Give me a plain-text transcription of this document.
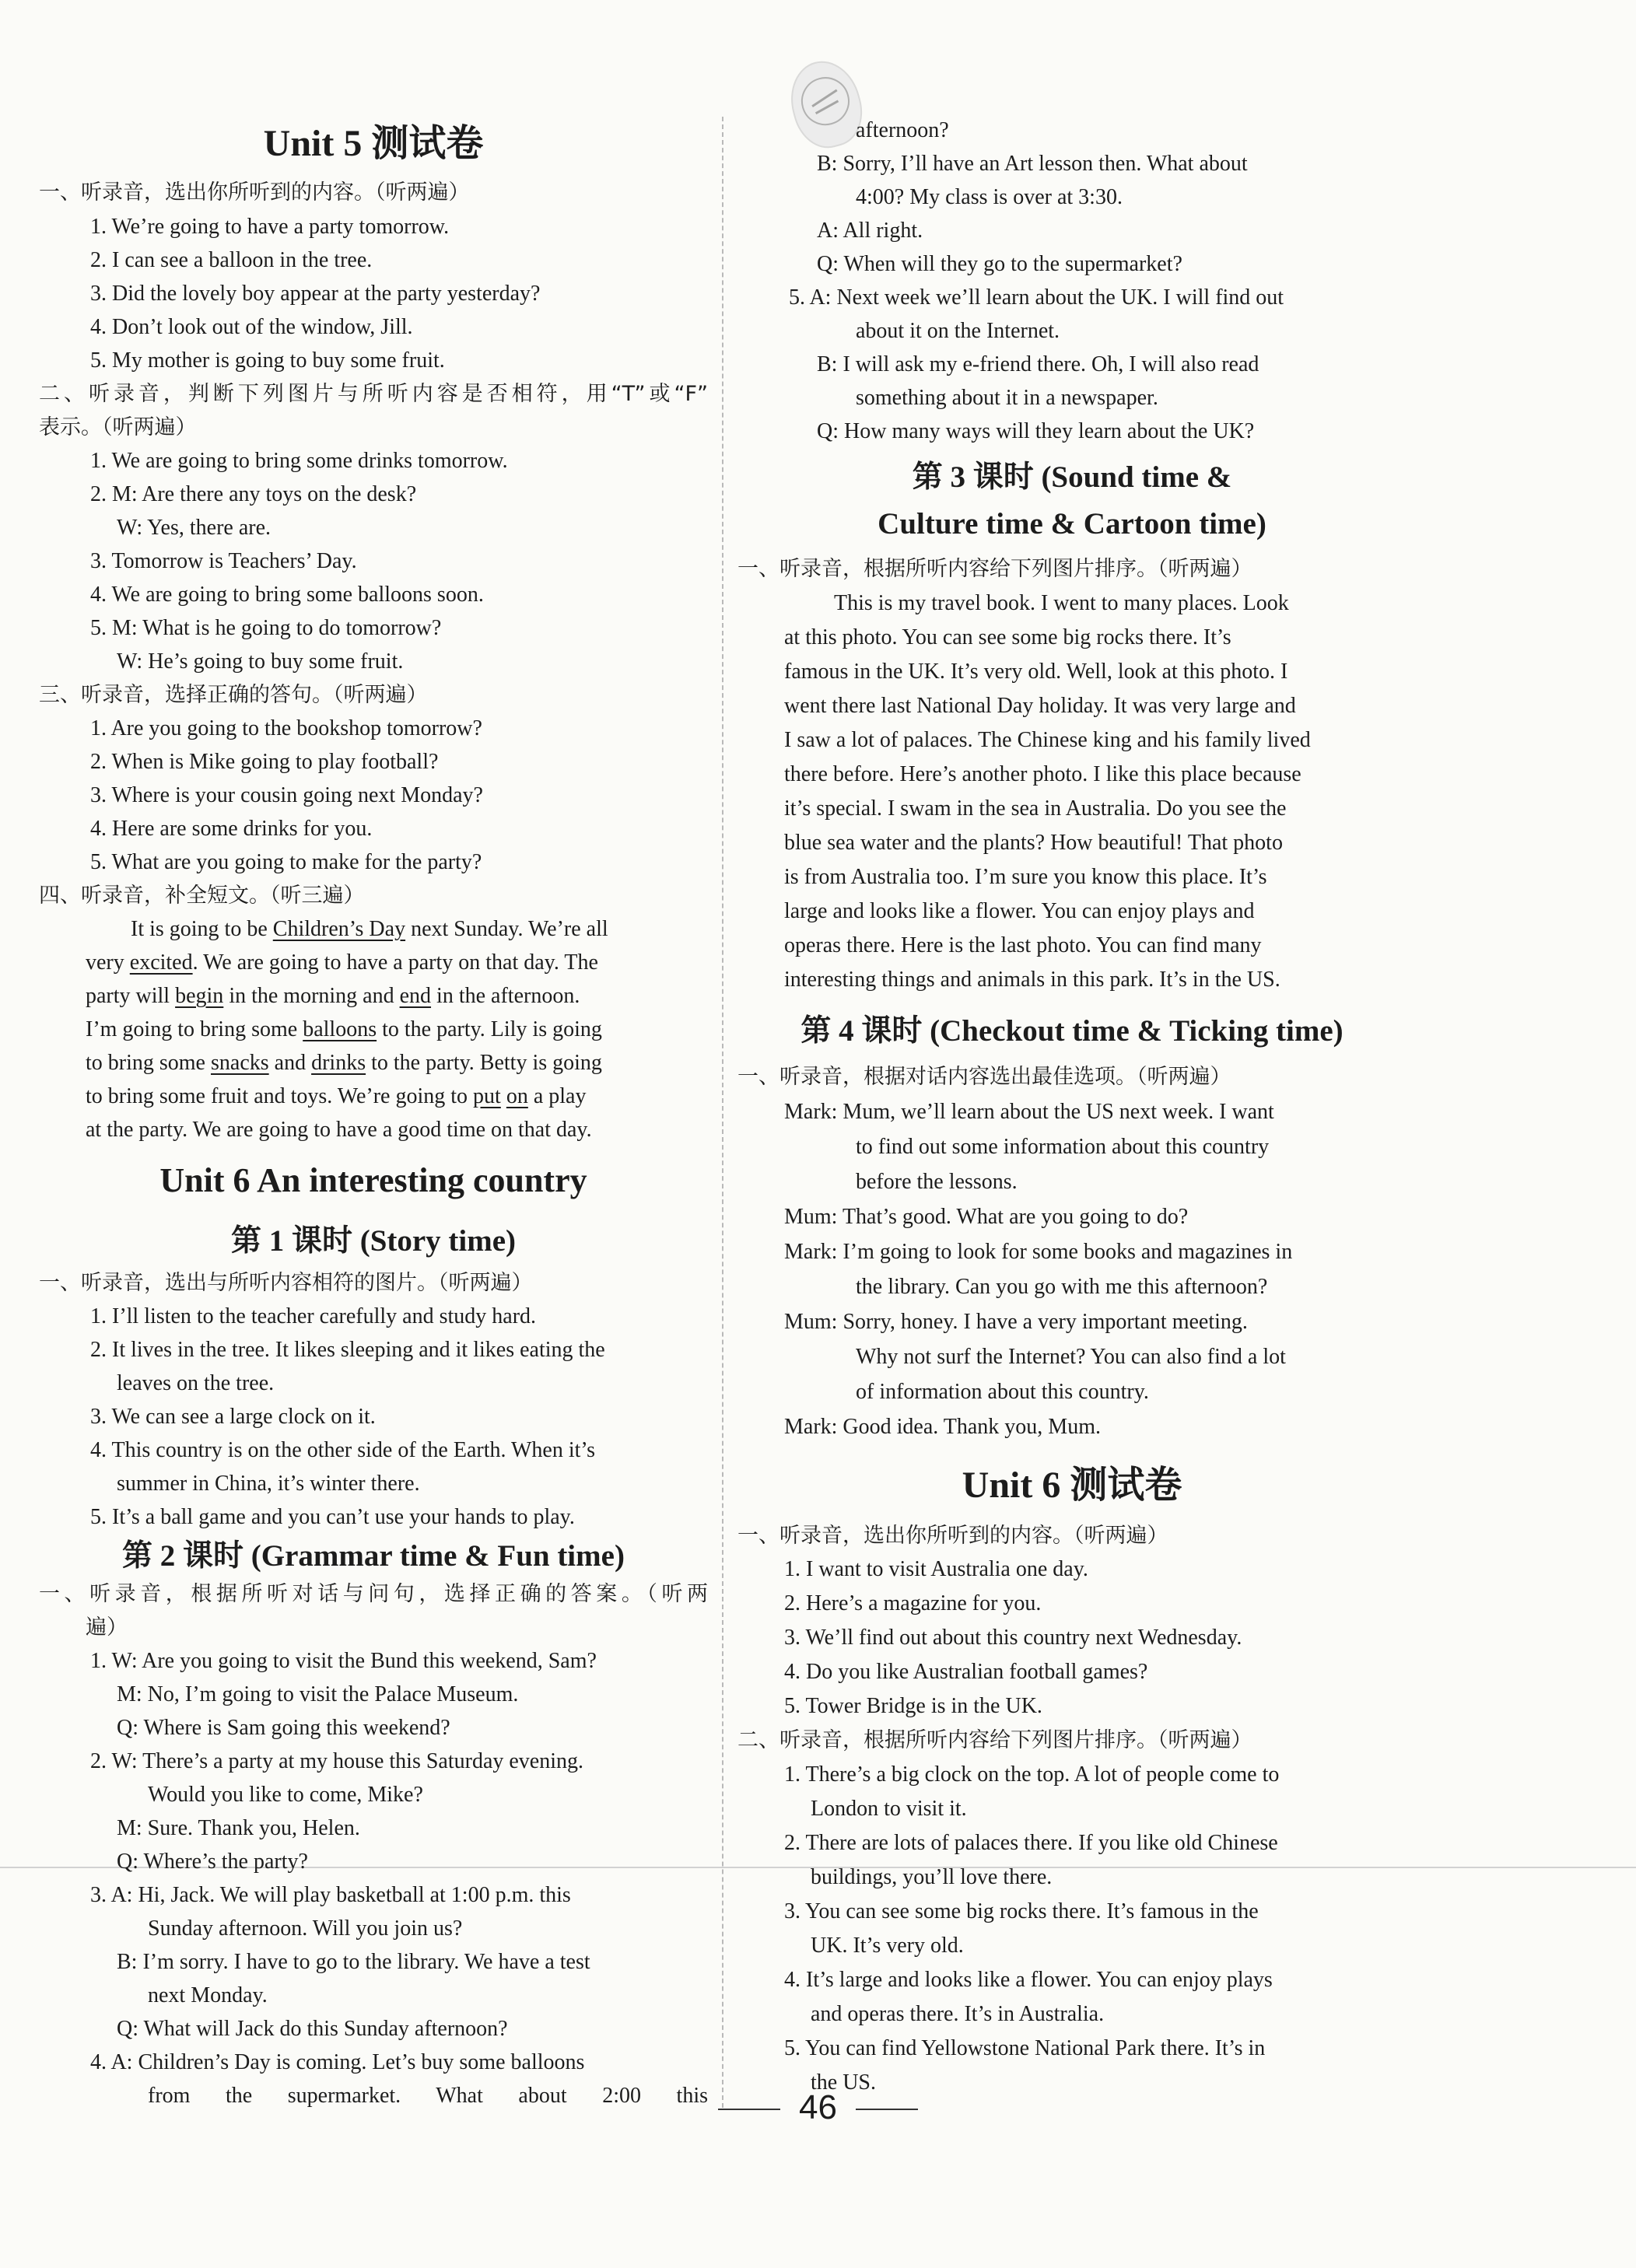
Unit 5 测试卷
一、听录音，选出你所听到的内容。（听两遍）
1. We’re going to have a party tomorrow.
2. I can see a balloon in the tree.
3. Did the lovely boy appear at the party yesterday?
4. Don’t look out of the window, Jill.
5. My mother is going to buy some fruit.
二、听录音，判断下列图片与所听内容是否相符，用“T”或“F”
表示。（听两遍）
1. We are going to bring some drinks tomorrow.
2. M: Are there any toys on the desk?
W: Yes, there are.
3. Tomorrow is Teachers’ Day.
4. We are going to bring some balloons soon.
5. M: What is he going to do tomorrow?
W: He’s going to buy some fruit.
三、听录音，选择正确的答句。（听两遍）
1. Are you going to the bookshop tomorrow?
2. When is Mike going to play football?
3. Where is your cousin going next Monday?
4. Here are some drinks for you.
5. What are you going to make for the party?
四、听录音，补全短文。（听三遍）
It is going to be Children’s Day next Sunday. We’re all
very excited. We are going to have a party on that day. The
party will begin in the morning and end in the afternoon.
I’m going to bring some balloons to the party. Lily is going
to bring some snacks and drinks to the party. Betty is going
to bring some fruit and toys. We’re going to put on a play
at the party. We are going to have a good time on that day.
Unit 6 An interesting country
第 1 课时 (Story time)
一、听录音，选出与所听内容相符的图片。（听两遍）
1. I’ll listen to the teacher carefully and study hard.
2. It lives in the tree. It likes sleeping and it likes eating the
leaves on the tree.
3. We can see a large clock on it.
4. This country is on the other side of the Earth. When it’s
summer in China, it’s winter there.
5. It’s a ball game and you can’t use your hands to play.
第 2 课时 (Grammar time & Fun time)
一、听录音，根据所听对话与问句，选择正确的答案。（听两
遍）
1. W: Are you going to visit the Bund this weekend, Sam?
M: No, I’m going to visit the Palace Museum.
Q: Where is Sam going this weekend?
2. W: There’s a party at my house this Saturday evening.
Would you like to come, Mike?
M: Sure. Thank you, Helen.
Q: Where’s the party?
3. A: Hi, Jack. We will play basketball at 1:00 p.m. this
Sunday afternoon. Will you join us?
B: I’m sorry. I have to go to the library. We have a test
next Monday.
Q: What will Jack do this Sunday afternoon?
4. A: Children’s Day is coming. Let’s buy some balloons
from the supermarket. What about 2:00 this
afternoon?
B: Sorry, I’ll have an Art lesson then. What about
4:00? My class is over at 3:30.
A: All right.
Q: When will they go to the supermarket?
5. A: Next week we’ll learn about the UK. I will find out
about it on the Internet.
B: I will ask my e-friend there. Oh, I will also read
something about it in a newspaper.
Q: How many ways will they learn about the UK?
第 3 课时 (Sound time &
Culture time & Cartoon time)
一、听录音，根据所听内容给下列图片排序。（听两遍）
This is my travel book. I went to many places. Look
at this photo. You can see some big rocks there. It’s
famous in the UK. It’s very old. Well, look at this photo. I
went there last National Day holiday. It was very large and
I saw a lot of palaces. The Chinese king and his family lived
there before. Here’s another photo. I like this place because
it’s special. I swam in the sea in Australia. Do you see the
blue sea water and the plants? How beautiful! That photo
is from Australia too. I’m sure you know this place. It’s
large and looks like a flower. You can enjoy plays and
operas there. Here is the last photo. You can find many
interesting things and animals in this park. It’s in the US.
第 4 课时 (Checkout time & Ticking time)
一、听录音，根据对话内容选出最佳选项。（听两遍）
Mark: Mum, we’ll learn about the US next week. I want
to find out some information about this country
before the lessons.
Mum: That’s good. What are you going to do?
Mark: I’m going to look for some books and magazines in
the library. Can you go with me this afternoon?
Mum: Sorry, honey. I have a very important meeting.
Why not surf the Internet? You can also find a lot
of information about this country.
Mark: Good idea. Thank you, Mum.
Unit 6 测试卷
一、听录音，选出你所听到的内容。（听两遍）
1. I want to visit Australia one day.
2. Here’s a magazine for you.
3. We’ll find out about this country next Wednesday.
4. Do you like Australian football games?
5. Tower Bridge is in the UK.
二、听录音，根据所听内容给下列图片排序。（听两遍）
1. There’s a big clock on the top. A lot of people come to
London to visit it.
2. There are lots of palaces there. If you like old Chinese
buildings, you’ll love there.
3. You can see some big rocks there. It’s famous in the
UK. It’s very old.
4. It’s large and looks like a flower. You can enjoy plays
and operas there. It’s in Australia.
5. You can find Yellowstone National Park there. It’s in
the US.
46
